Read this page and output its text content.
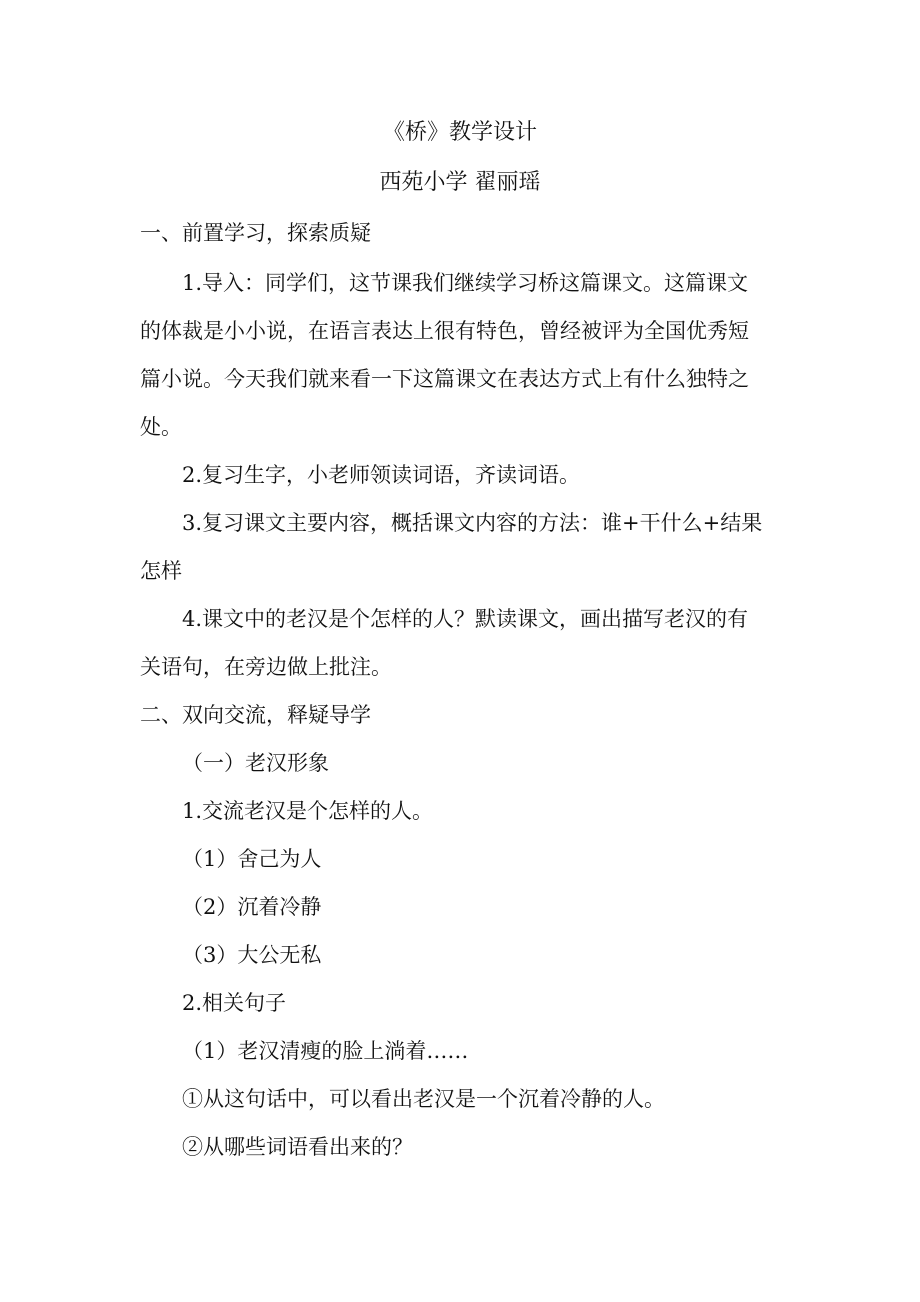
《桥》教学设计
西苑小学 翟丽瑶
一、前置学习，探索质疑
1.导入：同学们，这节课我们继续学习桥这篇课文。这篇课文
的体裁是小小说，在语言表达上很有特色，曾经被评为全国优秀短
篇小说。今天我们就来看一下这篇课文在表达方式上有什么独特之
处。
2.复习生字，小老师领读词语，齐读词语。
3.复习课文主要内容，概括课文内容的方法：谁+干什么+结果
怎样
4.课文中的老汉是个怎样的人？默读课文，画出描写老汉的有
关语句，在旁边做上批注。
二、双向交流，释疑导学
（一）老汉形象
1.交流老汉是个怎样的人。
（1）舍己为人
（2）沉着冷静
（3）大公无私
2.相关句子
（1）老汉清瘦的脸上淌着……
①从这句话中，可以看出老汉是一个沉着冷静的人。
②从哪些词语看出来的？
